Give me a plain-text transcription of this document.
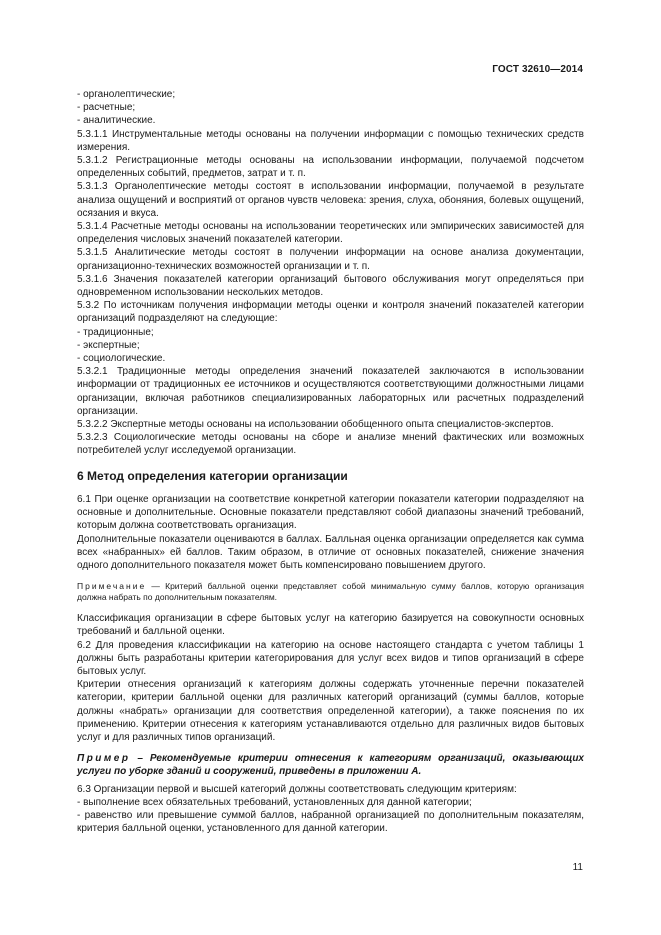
ГОСТ 32610—2014

- органолептические;

- расчетные;

- аналитические.

5.3.1.1 Инструментальные методы основаны на получении информации с помощью технических средств измерения.

5.3.1.2 Регистрационные методы основаны на использовании информации, получаемой подсчетом определенных событий, предметов, затрат и т. п.

5.3.1.3 Органолептические методы состоят в использовании информации, получаемой в результате анализа ощущений и восприятий от органов чувств человека: зрения, слуха, обоняния, болевых ощущений, осязания и вкуса.

5.3.1.4 Расчетные методы основаны на использовании теоретических или эмпирических зависимостей для определения числовых значений показателей категории.

5.3.1.5 Аналитические методы состоят в получении информации на основе анализа документации, организационно-технических возможностей организации и т. п.

5.3.1.6 Значения показателей категории организаций бытового обслуживания могут определяться при одновременном использовании нескольких методов.

5.3.2 По источникам получения информации методы оценки и контроля значений показателей категории организаций подразделяют на следующие:

- традиционные;

- экспертные;

- социологические.

5.3.2.1 Традиционные методы определения значений показателей заключаются в использовании информации от традиционных ее источников и осуществляются соответствующими должностными лицами организации, включая работников специализированных лабораторных или расчетных подразделений организации.

5.3.2.2 Экспертные методы основаны на использовании обобщенного опыта специалистов-экспертов.

5.3.2.3 Социологические методы основаны на сборе и анализе мнений фактических или возможных потребителей услуг исследуемой организации.

6 Метод определения категории организации

6.1 При оценке организации на соответствие конкретной категории показатели категории подразделяют на основные и дополнительные. Основные показатели представляют собой диапазоны значений требований, которым должна соответствовать организация.

Дополнительные показатели оцениваются в баллах. Балльная оценка организации определяется как сумма всех «набранных» ей баллов. Таким образом, в отличие от основных показателей, снижение значения одного дополнительного показателя может быть компенсировано повышением другого.

Примечание — Критерий балльной оценки представляет собой минимальную сумму баллов, которую организация должна набрать по дополнительным показателям.

Классификация организации в сфере бытовых услуг на категорию базируется на совокупности основных требований и балльной оценки.

6.2 Для проведения классификации на категорию на основе настоящего стандарта с учетом таблицы 1 должны быть разработаны критерии категорирования для услуг всех видов и типов организаций в сфере бытовых услуг.

Критерии отнесения организаций к категориям должны содержать уточненные перечни показателей категории, критерии балльной оценки для различных категорий организаций (суммы баллов, которые должны «набрать» организации для соответствия определенной категории), а также пояснения по их применению. Критерии отнесения к категориям устанавливаются отдельно для различных видов бытовых услуг и для различных типов организаций.

Пример – Рекомендуемые критерии отнесения к категориям организаций, оказывающих услуги по уборке зданий и сооружений, приведены в приложении А.

6.3 Организации первой и высшей категорий должны соответствовать следующим критериям:

- выполнение всех обязательных требований, установленных для данной категории;

- равенство или превышение суммой баллов, набранной организацией по дополнительным показателям, критерия балльной оценки, установленного для данной категории.

11
